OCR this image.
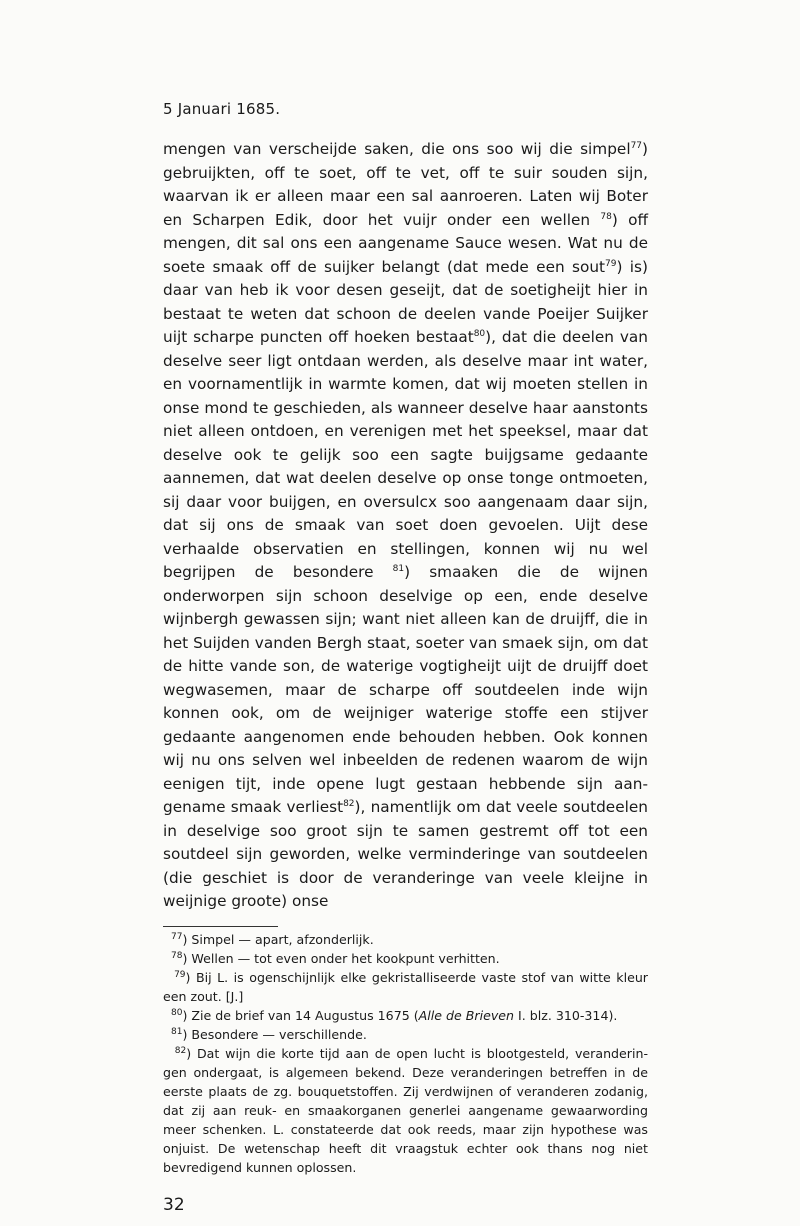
5 Januari 1685.
mengen van verscheijde saken, die ons soo wij die simpel$^{77}$) gebruijkten, off te soet, off te vet, off te suir souden sijn, waarvan ik er alleen maar een sal aanroeren. Laten wij Boter en Scharpen Edik, door het vuijr onder een wellen $^{78}$) off mengen, dit sal ons een aangename Sauce wesen. Wat nu de soete smaak off de suijker belangt (dat mede een sout$^{79}$) is) daar van heb ik voor desen geseijt, dat de soetigheijt hier in bestaat te weten dat schoon de deelen vande Poeijer Suijker uijt scharpe puncten off hoeken bestaat$^{80}$), dat die deelen van deselve seer ligt ontdaan werden, als deselve maar int water, en voornamentlijk in warmte komen, dat wij moeten stellen in onse mond te geschieden, als wanneer deselve haar aanstonts niet alleen ontdoen, en verenigen met het speeksel, maar dat deselve ook te gelijk soo een sagte buijgsame gedaante aannemen, dat wat deelen deselve op onse tonge ontmoeten, sij daar voor buijgen, en oversulcx soo aangenaam daar sijn, dat sij ons de smaak van soet doen gevoelen. Uijt dese verhaalde observatien en stellingen, konnen wij nu wel begrijpen de besondere $^{81}$) smaaken die de wijnen onderworpen sijn schoon deselvige op een, ende deselve wijnbergh gewassen sijn; want niet alleen kan de druijff, die in het Suijden vanden Bergh staat, soeter van smaek sijn, om dat de hitte vande son, de waterige vogtigheijt uijt de druijff doet wegwasemen, maar de scharpe off soutdeelen inde wijn konnen ook, om de weijniger waterige stoffe een stijver gedaante aangenomen ende behouden hebben. Ook konnen wij nu ons selven wel inbeelden de redenen waarom de wijn eenigen tijt, inde opene lugt gestaan hebbende sijn aan- gename smaak verliest$^{82}$), namentlijk om dat veele soutdeelen in deselvige soo groot sijn te samen gestremt off tot een soutdeel sijn geworden, welke verminderinge van soutdeelen (die geschiet is door de veranderinge van veele kleijne in weijnige groote) onse
$^{77}$) Simpel — apart, afzonderlijk.
$^{78}$) Wellen — tot even onder het kookpunt verhitten.
$^{79}$) Bij L. is ogenschijnlijk elke gekristalliseerde vaste stof van witte kleur een zout. [J.]
$^{80}$) Zie de brief van 14 Augustus 1675 (Alle de Brieven I. blz. 310-314).
$^{81}$) Besondere — verschillende.
$^{82}$) Dat wijn die korte tijd aan de open lucht is blootgesteld, veranderin- gen ondergaat, is algemeen bekend. Deze veranderingen betreffen in de eerste plaats de zg. bouquetstoffen. Zij verdwijnen of veranderen zodanig, dat zij aan reuk- en smaakorganen generlei aangename gewaarwording meer schenken. L. constateerde dat ook reeds, maar zijn hypothese was onjuist. De wetenschap heeft dit vraagstuk echter ook thans nog niet bevredigend kunnen oplossen.
32
